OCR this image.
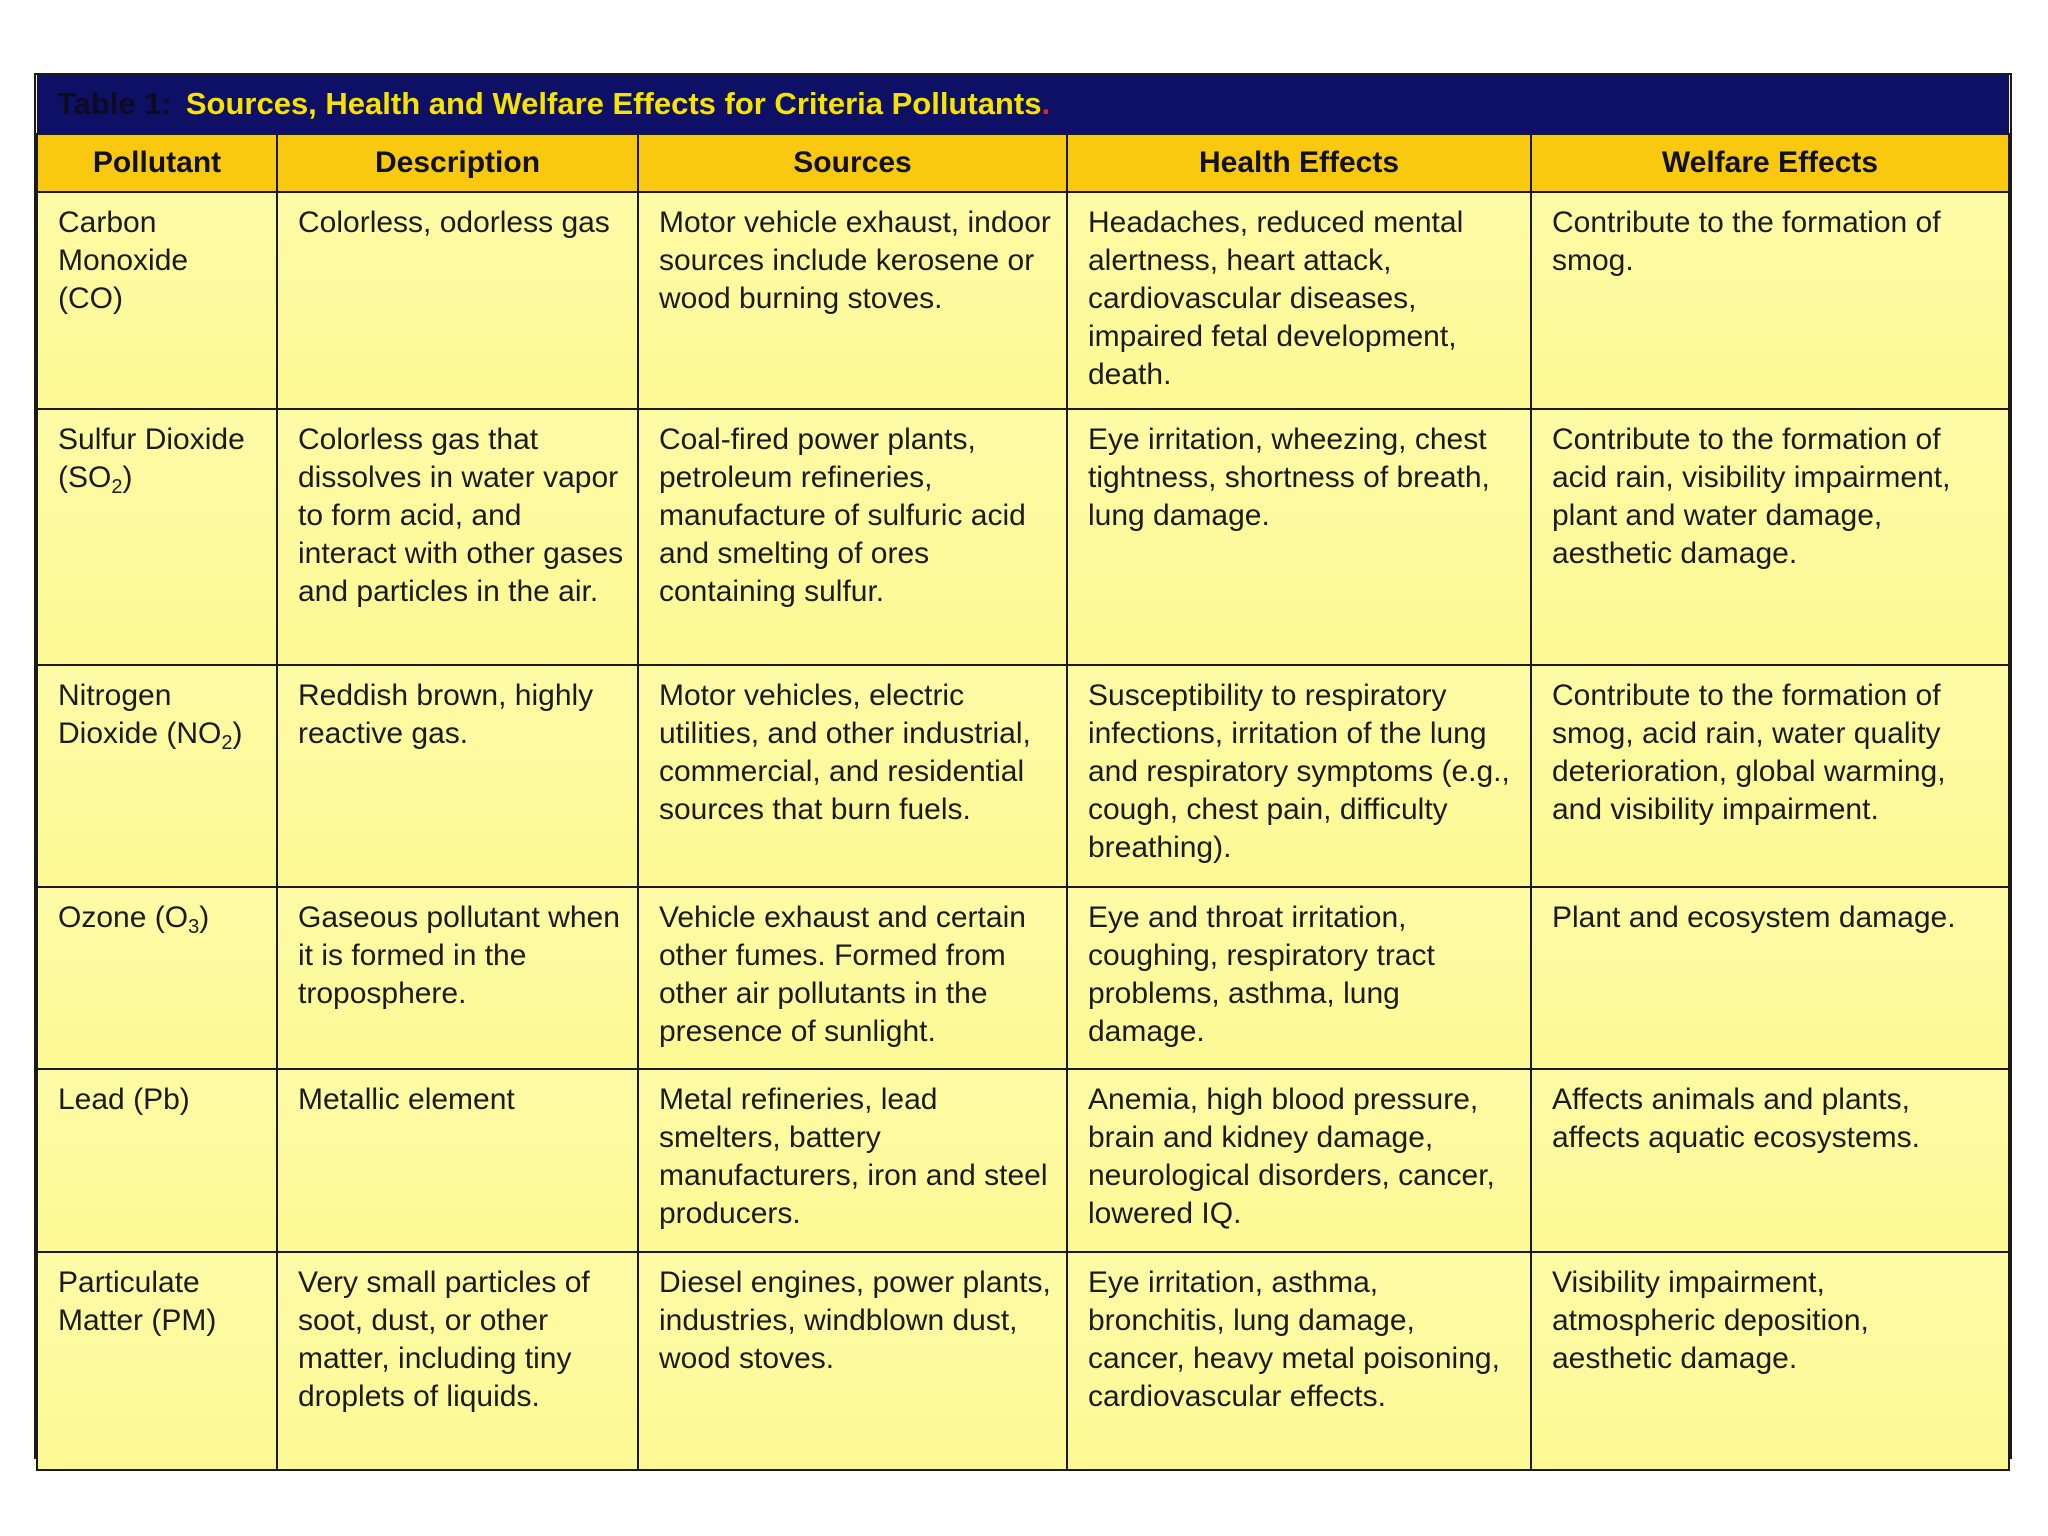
Table 1: Sources, Health and Welfare Effects for Criteria Pollutants.				
Pollutant	Description	Sources	Health Effects	Welfare Effects
Carbon
Monoxide
(CO)	Colorless, odorless gas	Motor vehicle exhaust, indoor sources include kerosene or wood burning stoves.	Headaches, reduced mental alertness, heart attack, cardiovascular diseases, impaired fetal development, death.	Contribute to the formation of smog.
Sulfur Dioxide
$(SO_2)$	Colorless gas that dissolves in water vapor to form acid, and interact with other gases and particles in the air.	Coal-fired power plants, petroleum refineries, manufacture of sulfuric acid and smelting of ores containing sulfur.	Eye irritation, wheezing, chest tightness, shortness of breath, lung damage.	Contribute to the formation of acid rain, visibility impairment, plant and water damage, aesthetic damage.
Nitrogen
Dioxide $(NO_2)$	Reddish brown, highly reactive gas.	Motor vehicles, electric utilities, and other industrial, commercial, and residential sources that burn fuels.	Susceptibility to respiratory infections, irritation of the lung and respiratory symptoms (e.g., cough, chest pain, difficulty breathing).	Contribute to the formation of smog, acid rain, water quality deterioration, global warming, and visibility impairment.
Ozone $(O_3)$	Gaseous pollutant when it is formed in the troposphere.	Vehicle exhaust and certain other fumes. Formed from other air pollutants in the presence of sunlight.	Eye and throat irritation, coughing, respiratory tract problems, asthma, lung damage.	Plant and ecosystem damage.
Lead (Pb)	Metallic element	Metal refineries, lead smelters, battery manufacturers, iron and steel producers.	Anemia, high blood pressure, brain and kidney damage, neurological disorders, cancer, lowered IQ.	Affects animals and plants, affects aquatic ecosystems.
Particulate
Matter (PM)	Very small particles of soot, dust, or other matter, including tiny droplets of liquids.	Diesel engines, power plants, industries, windblown dust, wood stoves.	Eye irritation, asthma, bronchitis, lung damage, cancer, heavy metal poisoning, cardiovascular effects.	Visibility impairment, atmospheric deposition, aesthetic damage.
